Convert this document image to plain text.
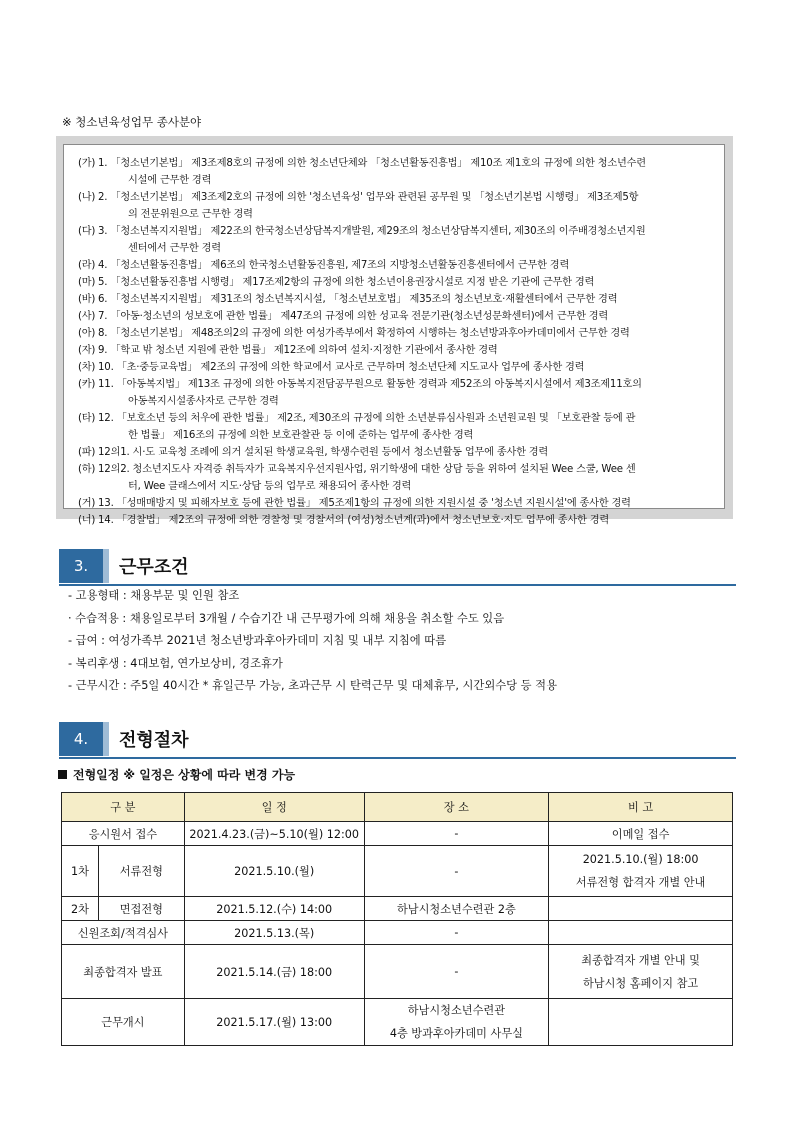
※ 청소년육성업무 종사분야
(가) 1. 「청소년기본법」 제3조제8호의 규정에 의한 청소년단체와 「청소년활동진흥법」 제10조 제1호의 규정에 의한 청소년수련
시설에 근무한 경력
(나) 2. 「청소년기본법」 제3조제2호의 규정에 의한 '청소년육성' 업무와 관련된 공무원 및 「청소년기본법 시행령」 제3조제5항
의 전문위원으로 근무한 경력
(다) 3. 「청소년복지지원법」 제22조의 한국청소년상담복지개발원, 제29조의 청소년상담복지센터, 제30조의 이주배경청소년지원
센터에서 근무한 경력
(라) 4. 「청소년활동진흥법」 제6조의 한국청소년활동진흥원, 제7조의 지방청소년활동진흥센터에서 근무한 경력
(마) 5. 「청소년활동진흥법 시행령」 제17조제2항의 규정에 의한 청소년이용권장시설로 지정 받은 기관에 근무한 경력
(바) 6. 「청소년복지지원법」 제31조의 청소년복지시설, 「청소년보호법」 제35조의 청소년보호·재활센터에서 근무한 경력
(사) 7. 「아동·청소년의 성보호에 관한 법률」 제47조의 규정에 의한 성교육 전문기관(청소년성문화센터)에서 근무한 경력
(아) 8. 「청소년기본법」 제48조의2의 규정에 의한 여성가족부에서 확정하여 시행하는 청소년방과후아카데미에서 근무한 경력
(자) 9. 「학교 밖 청소년 지원에 관한 법률」 제12조에 의하여 설치·지정한 기관에서 종사한 경력
(차) 10. 「초·중등교육법」 제2조의 규정에 의한 학교에서 교사로 근무하며 청소년단체 지도교사 업무에 종사한 경력
(카) 11. 「아동복지법」 제13조 규정에 의한 아동복지전담공무원으로 활동한 경력과 제52조의 아동복지시설에서 제3조제11호의
아동복지시설종사자로 근무한 경력
(타) 12. 「보호소년 등의 처우에 관한 법률」 제2조, 제30조의 규정에 의한 소년분류심사원과 소년원교원 및 「보호관찰 등에 관
한 법률」 제16조의 규정에 의한 보호관찰관 등 이에 준하는 업무에 종사한 경력
(파) 12의1. 시·도 교육청 조례에 의거 설치된 학생교육원, 학생수련원 등에서 청소년활동 업무에 종사한 경력
(하) 12의2. 청소년지도사 자격증 취득자가 교육복지우선지원사업, 위기학생에 대한 상담 등을 위하여 설치된 Wee 스쿨, Wee 센
터, Wee 클래스에서 지도·상담 등의 업무로 채용되어 종사한 경력
(거) 13. 「성매매방지 및 피해자보호 등에 관한 법률」 제5조제1항의 규정에 의한 지원시설 중 '청소년 지원시설'에 종사한 경력
(너) 14. 「경찰법」 제2조의 규정에 의한 경찰청 및 경찰서의 (여성)청소년계(과)에서 청소년보호·지도 업무에 종사한 경력
3.	근무조건
- 고용형태 : 채용부문 및 인원 참조
· 수습적용 : 채용일로부터 3개월 / 수습기간 내 근무평가에 의해 채용을 취소할 수도 있음
- 급여 : 여성가족부 2021년 청소년방과후아카데미 지침 및 내부 지침에 따름
- 복리후생 : 4대보험, 연가보상비, 경조휴가
- 근무시간 : 주5일 40시간 * 휴일근무 가능, 초과근무 시 탄력근무 및 대체휴무, 시간외수당 등 적용
4.	전형절차
전형일정 ※ 일정은 상황에 따라 변경 가능
구 분		일 정	장 소	비 고
응시원서 접수		2021.4.23.(금)~5.10(월) 12:00	-	이메일 접수
1차	서류전형	2021.5.10.(월)	-	2021.5.10.(월) 18:00
서류전형 합격자 개별 안내

2차	면접전형	2021.5.12.(수) 14:00	하남시청소년수련관 2층	
신원조회/적격심사		2021.5.13.(목)	-	
최종합격자 발표		2021.5.14.(금) 18:00	-	최종합격자 개별 안내 및
하남시청 홈페이지 참고

근무개시		2021.5.17.(월) 13:00	하남시청소년수련관
4층 방과후아카데미 사무실	
